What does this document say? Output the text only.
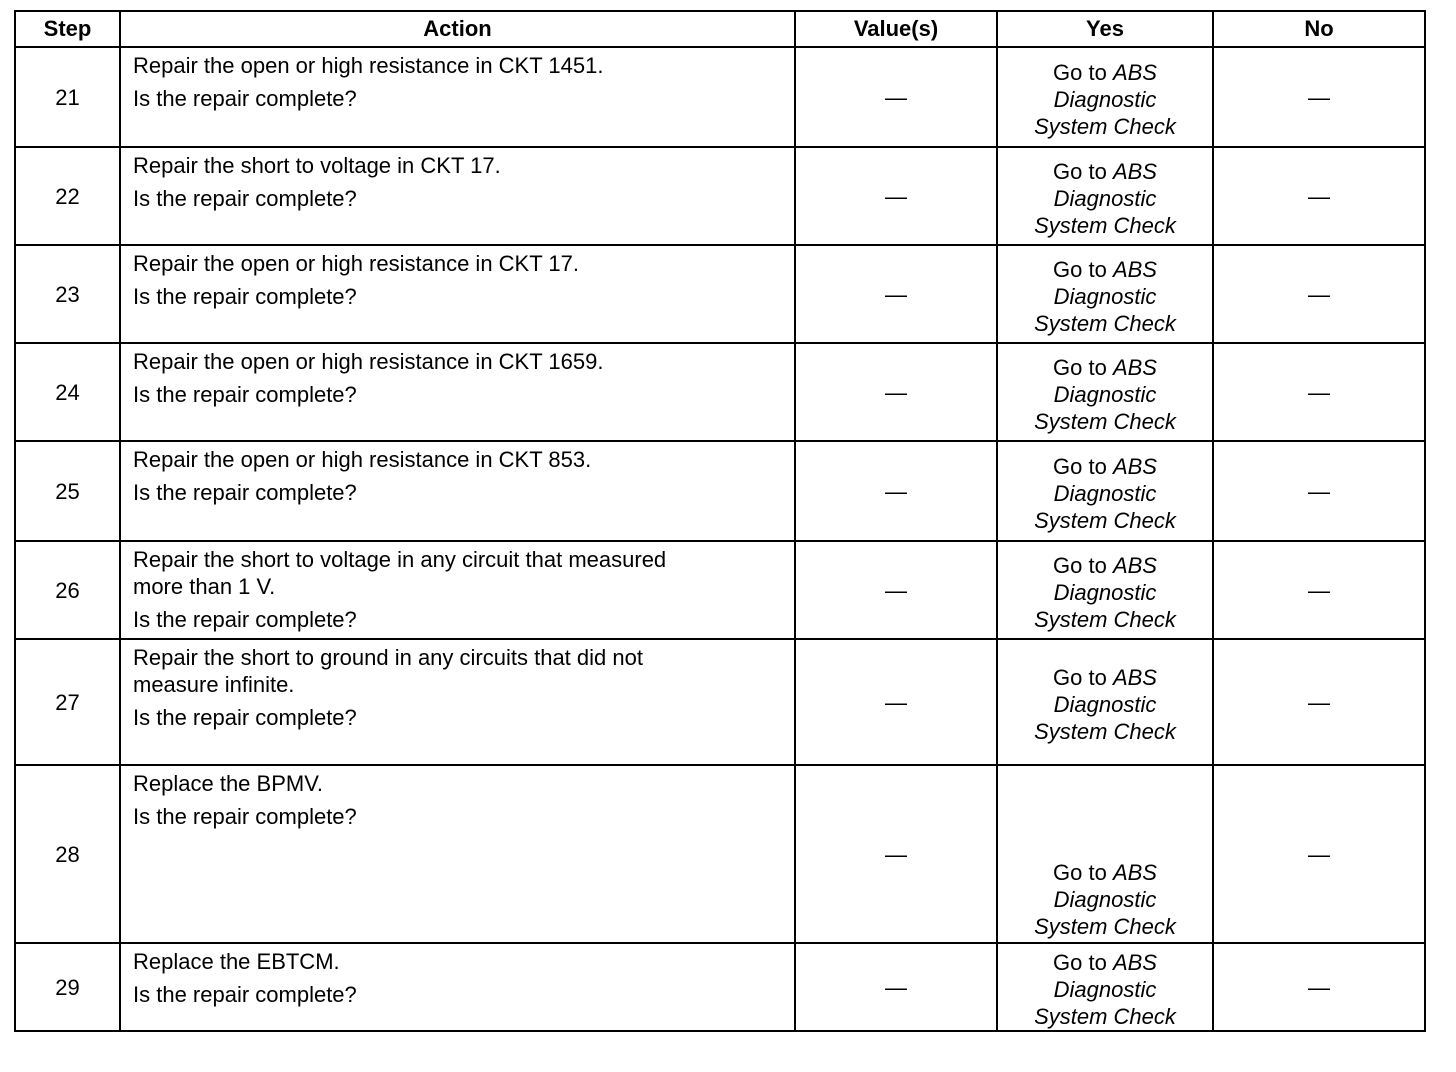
Step	Action	Value(s)	Yes	No
21	Repair the open or high resistance in CKT 1451.
Is the repair complete?	—	Go to ABS
Diagnostic
System Check	—
22	Repair the short to voltage in CKT 17.
Is the repair complete?	—	Go to ABS
Diagnostic
System Check	—
23	Repair the open or high resistance in CKT 17.
Is the repair complete?	—	Go to ABS
Diagnostic
System Check	—
24	Repair the open or high resistance in CKT 1659.
Is the repair complete?	—	Go to ABS
Diagnostic
System Check	—
25	Repair the open or high resistance in CKT 853.
Is the repair complete?	—	Go to ABS
Diagnostic
System Check	—
26	Repair the short to voltage in any circuit that measured
more than 1 V.
Is the repair complete?	—	Go to ABS
Diagnostic
System Check	—
27	Repair the short to ground in any circuits that did not
measure infinite.
Is the repair complete?	—	Go to ABS
Diagnostic
System Check	—
28	Replace the BPMV.
Is the repair complete?	—	Go to ABS
Diagnostic
System Check	—
29	Replace the EBTCM.
Is the repair complete?	—	Go to ABS
Diagnostic
System Check	—
